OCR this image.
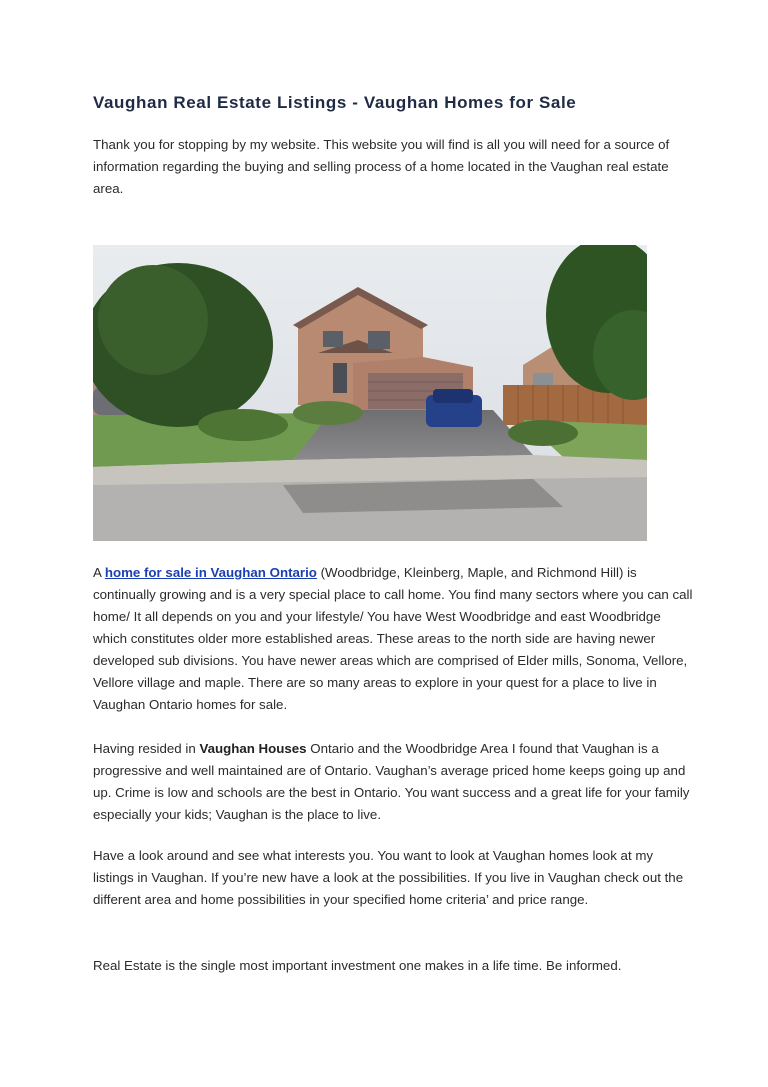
Vaughan Real Estate Listings - Vaughan Homes for Sale

Thank you for stopping by my website. This website you will find is all you will need for a source of information regarding the buying and selling process of a home located in the Vaughan real estate area.

A home for sale in Vaughan Ontario (Woodbridge, Kleinberg, Maple, and Richmond Hill) is continually growing and is a very special place to call home. You find many sectors where you can call home/ It all depends on you and your lifestyle/ You have West Woodbridge and east Woodbridge which constitutes older more established areas. These areas to the north side are having newer developed sub divisions. You have newer areas which are comprised of Elder mills, Sonoma, Vellore, Vellore village and maple. There are so many areas to explore in your quest for a place to live in Vaughan Ontario homes for sale.

Having resided in Vaughan Houses Ontario and the Woodbridge Area I found that Vaughan is a progressive and well maintained are of Ontario. Vaughan’s average priced home keeps going up and up. Crime is low and schools are the best in Ontario. You want success and a great life for your family especially your kids; Vaughan is the place to live.

Have a look around and see what interests you. You want to look at Vaughan homes look at my listings in Vaughan. If you’re new have a look at the possibilities. If you live in Vaughan check out the different area and home possibilities in your specified home criteria’ and price range.

Real Estate is the single most important investment one makes in a life time. Be informed.
